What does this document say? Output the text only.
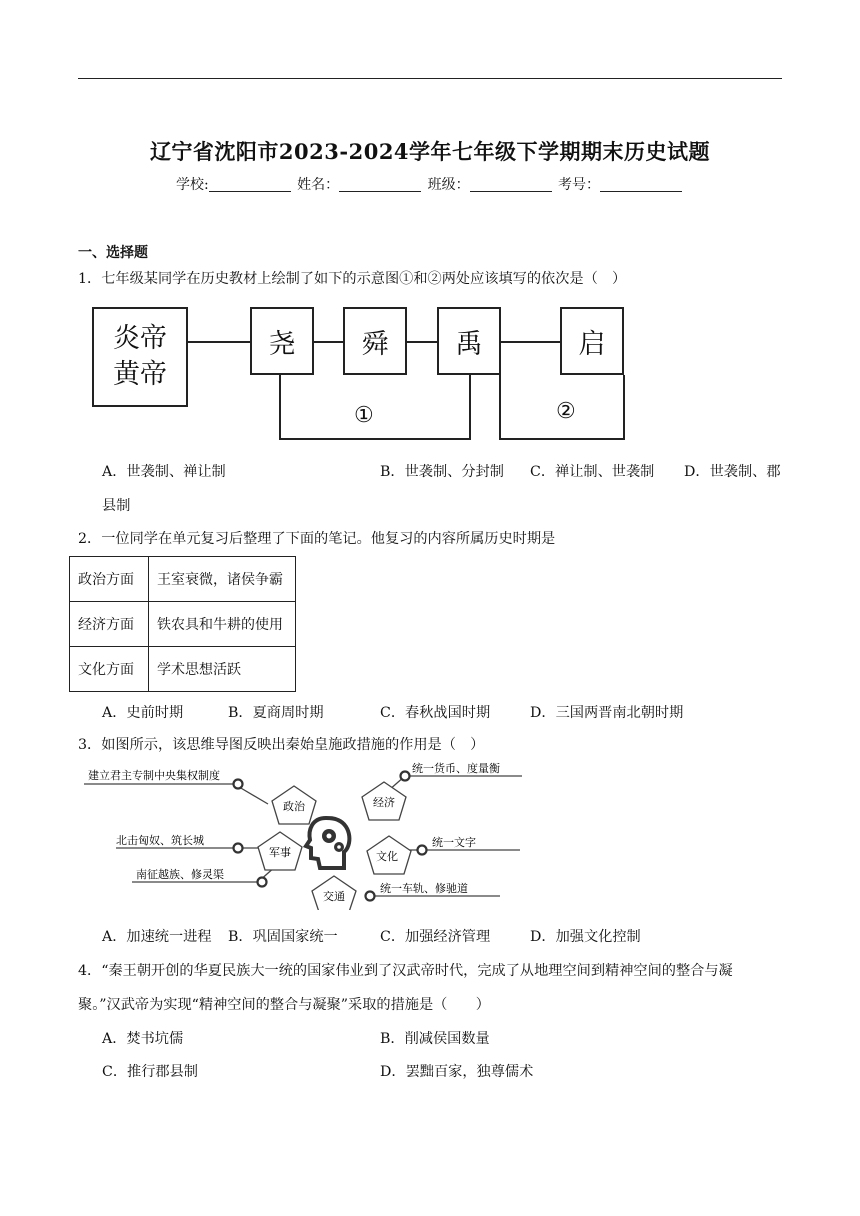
辽宁省沈阳市2023-2024学年七年级下学期期末历史试题
学校:	姓名：	班级：	考号：
一、选择题
1．七年级某同学在历史教材上绘制了如下的示意图①和②两处应该填写的依次是（　）
炎帝
黄帝
尧 舜 禹	启
①	②
A．世袭制、禅让制	B．世袭制、分封制 C．禅让制、世袭制 D．世袭制、郡
县制
2．一位同学在单元复习后整理了下面的笔记。他复习的内容所属历史时期是
政治方面	王室衰微，诸侯争霸
经济方面	铁农具和牛耕的使用
文化方面	学术思想活跃
A．史前时期	B．夏商周时期	C．春秋战国时期	D．三国两晋南北朝时期
3．如图所示，该思维导图反映出秦始皇施政措施的作用是（　）
政治	经济
军事	文化
交通
建立君主专制中央集权制度
统一货币、度量衡
北击匈奴、筑长城
南征越族、修灵渠
统一文字
统一车轨、修驰道
A．加速统一进程 B．巩固国家统一	C．加强经济管理	D．加强文化控制
4．“秦王朝开创的华夏民族大一统的国家伟业到了汉武帝时代，完成了从地理空间到精神空间的整合与凝
聚。”汉武帝为实现“精神空间的整合与凝聚”采取的措施是（　　）
A．焚书坑儒	B．削减侯国数量
C．推行郡县制	D．罢黜百家，独尊儒术
